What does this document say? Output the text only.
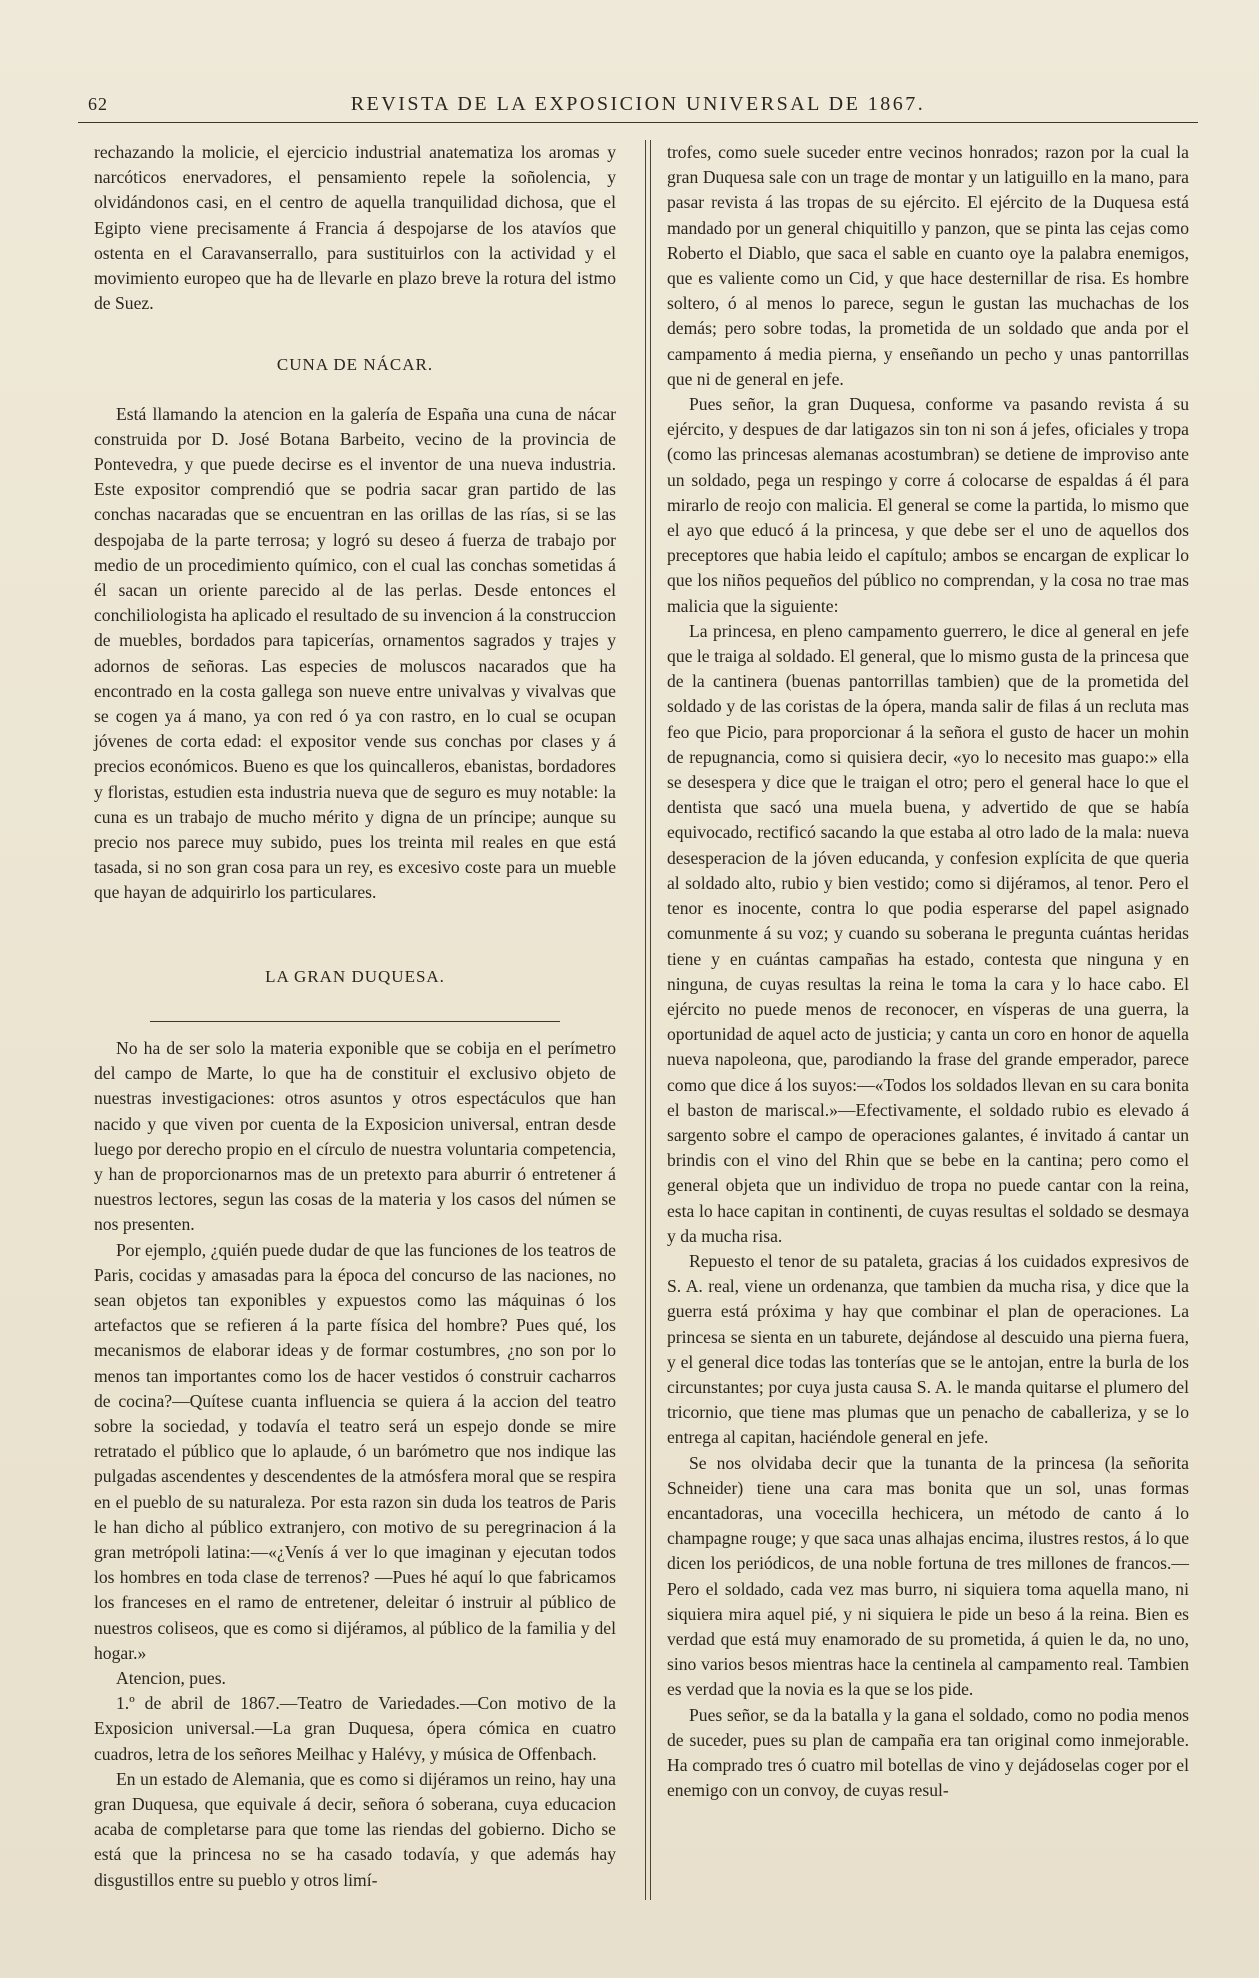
62	REVISTA DE LA EXPOSICION UNIVERSAL DE 1867.

rechazando la molicie, el ejercicio industrial anatematiza los aromas y narcóticos enervadores, el pensamiento repele la soñolencia, y olvidándonos casi, en el centro de aquella tranquilidad dichosa, que el Egipto viene precisamente á Francia á despojarse de los atavíos que ostenta en el Caravanserrallo, para sustituirlos con la actividad y el movimiento europeo que ha de llevarle en plazo breve la rotura del istmo de Suez.

CUNA DE NÁCAR.

Está llamando la atencion en la galería de España una cuna de nácar construida por D. José Botana Barbeito, vecino de la provincia de Pontevedra, y que puede decirse es el inventor de una nueva industria. Este expositor comprendió que se podria sacar gran partido de las conchas nacaradas que se encuentran en las orillas de las rías, si se las despojaba de la parte terrosa; y logró su deseo á fuerza de trabajo por medio de un procedimiento químico, con el cual las conchas sometidas á él sacan un oriente parecido al de las perlas. Desde entonces el conchiliologista ha aplicado el resultado de su invencion á la construccion de muebles, bordados para tapicerías, ornamentos sagrados y trajes y adornos de señoras. Las especies de moluscos nacarados que ha encontrado en la costa gallega son nueve entre univalvas y vivalvas que se cogen ya á mano, ya con red ó ya con rastro, en lo cual se ocupan jóvenes de corta edad: el expositor vende sus conchas por clases y á precios económicos. Bueno es que los quincalleros, ebanistas, bordadores y floristas, estudien esta industria nueva que de seguro es muy notable: la cuna es un trabajo de mucho mérito y digna de un príncipe; aunque su precio nos parece muy subido, pues los treinta mil reales en que está tasada, si no son gran cosa para un rey, es excesivo coste para un mueble que hayan de adquirirlo los particulares.

LA GRAN DUQUESA.

No ha de ser solo la materia exponible que se cobija en el perímetro del campo de Marte, lo que ha de constituir el exclusivo objeto de nuestras investigaciones: otros asuntos y otros espectáculos que han nacido y que viven por cuenta de la Exposicion universal, entran desde luego por derecho propio en el círculo de nuestra voluntaria competencia, y han de proporcionarnos mas de un pretexto para aburrir ó entretener á nuestros lectores, segun las cosas de la materia y los casos del númen se nos presenten.

Por ejemplo, ¿quién puede dudar de que las funciones de los teatros de Paris, cocidas y amasadas para la época del concurso de las naciones, no sean objetos tan exponibles y expuestos como las máquinas ó los artefactos que se refieren á la parte física del hombre? Pues qué, los mecanismos de elaborar ideas y de formar costumbres, ¿no son por lo menos tan importantes como los de hacer vestidos ó construir cacharros de cocina?—Quítese cuanta influencia se quiera á la accion del teatro sobre la sociedad, y todavía el teatro será un espejo donde se mire retratado el público que lo aplaude, ó un barómetro que nos indique las pulgadas ascendentes y descendentes de la atmósfera moral que se respira en el pueblo de su naturaleza. Por esta razon sin duda los teatros de Paris le han dicho al público extranjero, con motivo de su peregrinacion á la gran metrópoli latina:—«¿Venís á ver lo que imaginan y ejecutan todos los hombres en toda clase de terrenos? —Pues hé aquí lo que fabricamos los franceses en el ramo de entretener, deleitar ó instruir al público de nuestros coliseos, que es como si dijéramos, al público de la familia y del hogar.»

Atencion, pues.

1.º de abril de 1867.—Teatro de Variedades.—Con motivo de la Exposicion universal.—La gran Duquesa, ópera cómica en cuatro cuadros, letra de los señores Meilhac y Halévy, y música de Offenbach.

En un estado de Alemania, que es como si dijéramos un reino, hay una gran Duquesa, que equivale á decir, señora ó soberana, cuya educacion acaba de completarse para que tome las riendas del gobierno. Dicho se está que la princesa no se ha casado todavía, y que además hay disgustillos entre su pueblo y otros limí-

trofes, como suele suceder entre vecinos honrados; razon por la cual la gran Duquesa sale con un trage de montar y un latiguillo en la mano, para pasar revista á las tropas de su ejército. El ejército de la Duquesa está mandado por un general chiquitillo y panzon, que se pinta las cejas como Roberto el Diablo, que saca el sable en cuanto oye la palabra enemigos, que es valiente como un Cid, y que hace desternillar de risa. Es hombre soltero, ó al menos lo parece, segun le gustan las muchachas de los demás; pero sobre todas, la prometida de un soldado que anda por el campamento á media pierna, y enseñando un pecho y unas pantorrillas que ni de general en jefe.

Pues señor, la gran Duquesa, conforme va pasando revista á su ejército, y despues de dar latigazos sin ton ni son á jefes, oficiales y tropa (como las princesas alemanas acostumbran) se detiene de improviso ante un soldado, pega un respingo y corre á colocarse de espaldas á él para mirarlo de reojo con malicia. El general se come la partida, lo mismo que el ayo que educó á la princesa, y que debe ser el uno de aquellos dos preceptores que habia leido el capítulo; ambos se encargan de explicar lo que los niños pequeños del público no comprendan, y la cosa no trae mas malicia que la siguiente:

La princesa, en pleno campamento guerrero, le dice al general en jefe que le traiga al soldado. El general, que lo mismo gusta de la princesa que de la cantinera (buenas pantorrillas tambien) que de la prometida del soldado y de las coristas de la ópera, manda salir de filas á un recluta mas feo que Picio, para proporcionar á la señora el gusto de hacer un mohin de repugnancia, como si quisiera decir, «yo lo necesito mas guapo:» ella se desespera y dice que le traigan el otro; pero el general hace lo que el dentista que sacó una muela buena, y advertido de que se había equivocado, rectificó sacando la que estaba al otro lado de la mala: nueva desesperacion de la jóven educanda, y confesion explícita de que queria al soldado alto, rubio y bien vestido; como si dijéramos, al tenor. Pero el tenor es inocente, contra lo que podia esperarse del papel asignado comunmente á su voz; y cuando su soberana le pregunta cuántas heridas tiene y en cuántas campañas ha estado, contesta que ninguna y en ninguna, de cuyas resultas la reina le toma la cara y lo hace cabo. El ejército no puede menos de reconocer, en vísperas de una guerra, la oportunidad de aquel acto de justicia; y canta un coro en honor de aquella nueva napoleona, que, parodiando la frase del grande emperador, parece como que dice á los suyos:—«Todos los soldados llevan en su cara bonita el baston de mariscal.»—Efectivamente, el soldado rubio es elevado á sargento sobre el campo de operaciones galantes, é invitado á cantar un brindis con el vino del Rhin que se bebe en la cantina; pero como el general objeta que un individuo de tropa no puede cantar con la reina, esta lo hace capitan in continenti, de cuyas resultas el soldado se desmaya y da mucha risa.

Repuesto el tenor de su pataleta, gracias á los cuidados expresivos de S. A. real, viene un ordenanza, que tambien da mucha risa, y dice que la guerra está próxima y hay que combinar el plan de operaciones. La princesa se sienta en un taburete, dejándose al descuido una pierna fuera, y el general dice todas las tonterías que se le antojan, entre la burla de los circunstantes; por cuya justa causa S. A. le manda quitarse el plumero del tricornio, que tiene mas plumas que un penacho de caballeriza, y se lo entrega al capitan, haciéndole general en jefe.

Se nos olvidaba decir que la tunanta de la princesa (la señorita Schneider) tiene una cara mas bonita que un sol, unas formas encantadoras, una vocecilla hechicera, un método de canto á lo champagne rouge; y que saca unas alhajas encima, ilustres restos, á lo que dicen los periódicos, de una noble fortuna de tres millones de francos.—Pero el soldado, cada vez mas burro, ni siquiera toma aquella mano, ni siquiera mira aquel pié, y ni siquiera le pide un beso á la reina. Bien es verdad que está muy enamorado de su prometida, á quien le da, no uno, sino varios besos mientras hace la centinela al campamento real. Tambien es verdad que la novia es la que se los pide.

Pues señor, se da la batalla y la gana el soldado, como no podia menos de suceder, pues su plan de campaña era tan original como inmejorable. Ha comprado tres ó cuatro mil botellas de vino y dejádoselas coger por el enemigo con un convoy, de cuyas resul-
